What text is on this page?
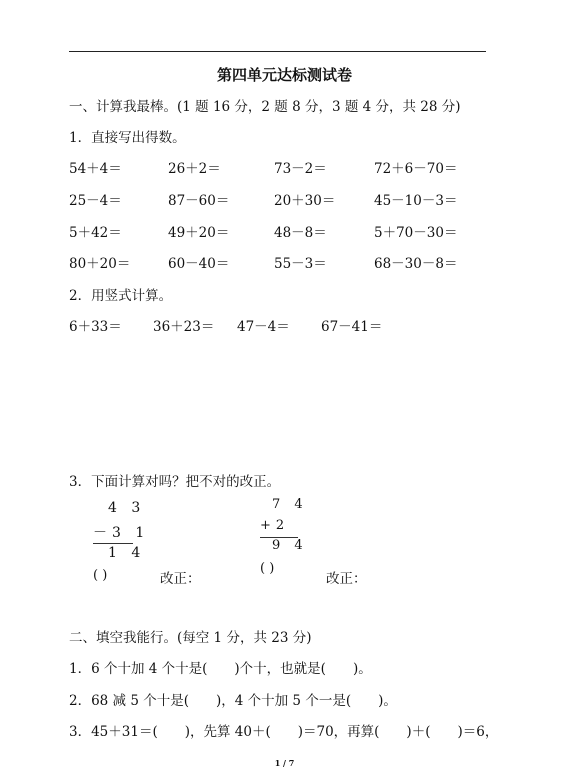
第四单元达标测试卷
一、计算我最棒。(1 题 16 分，2 题 8 分，3 题 4 分，共 28 分)
1．直接写出得数。
54＋4＝	26＋2＝	73－2＝	72＋6－70＝
25－4＝	87－60＝	20＋30＝	45－10－3＝
5＋42＝	49＋20＝	48－8＝	5＋70－30＝
80＋20＝	60－40＝	55－3＝	68－30－8＝
2．用竖式计算。
6＋33＝ 36＋23＝ 47－4＝ 67－41＝
3．下面计算对吗？把不对的改正。
4 3
－3 1
1 4
( )	改正：
7 4
+2
9 4
( )
改正：
二、填空我能行。(每空 1 分，共 23 分)
1．6 个十加 4 个十是(　　)个十，也就是(　　)。
2．68 减 5 个十是(　　)，4 个十加 5 个一是(　　)。
3．45＋31＝(　　)，先算 40＋(　　)＝70，再算(　　)＋(　　)＝6，
1 / 7
